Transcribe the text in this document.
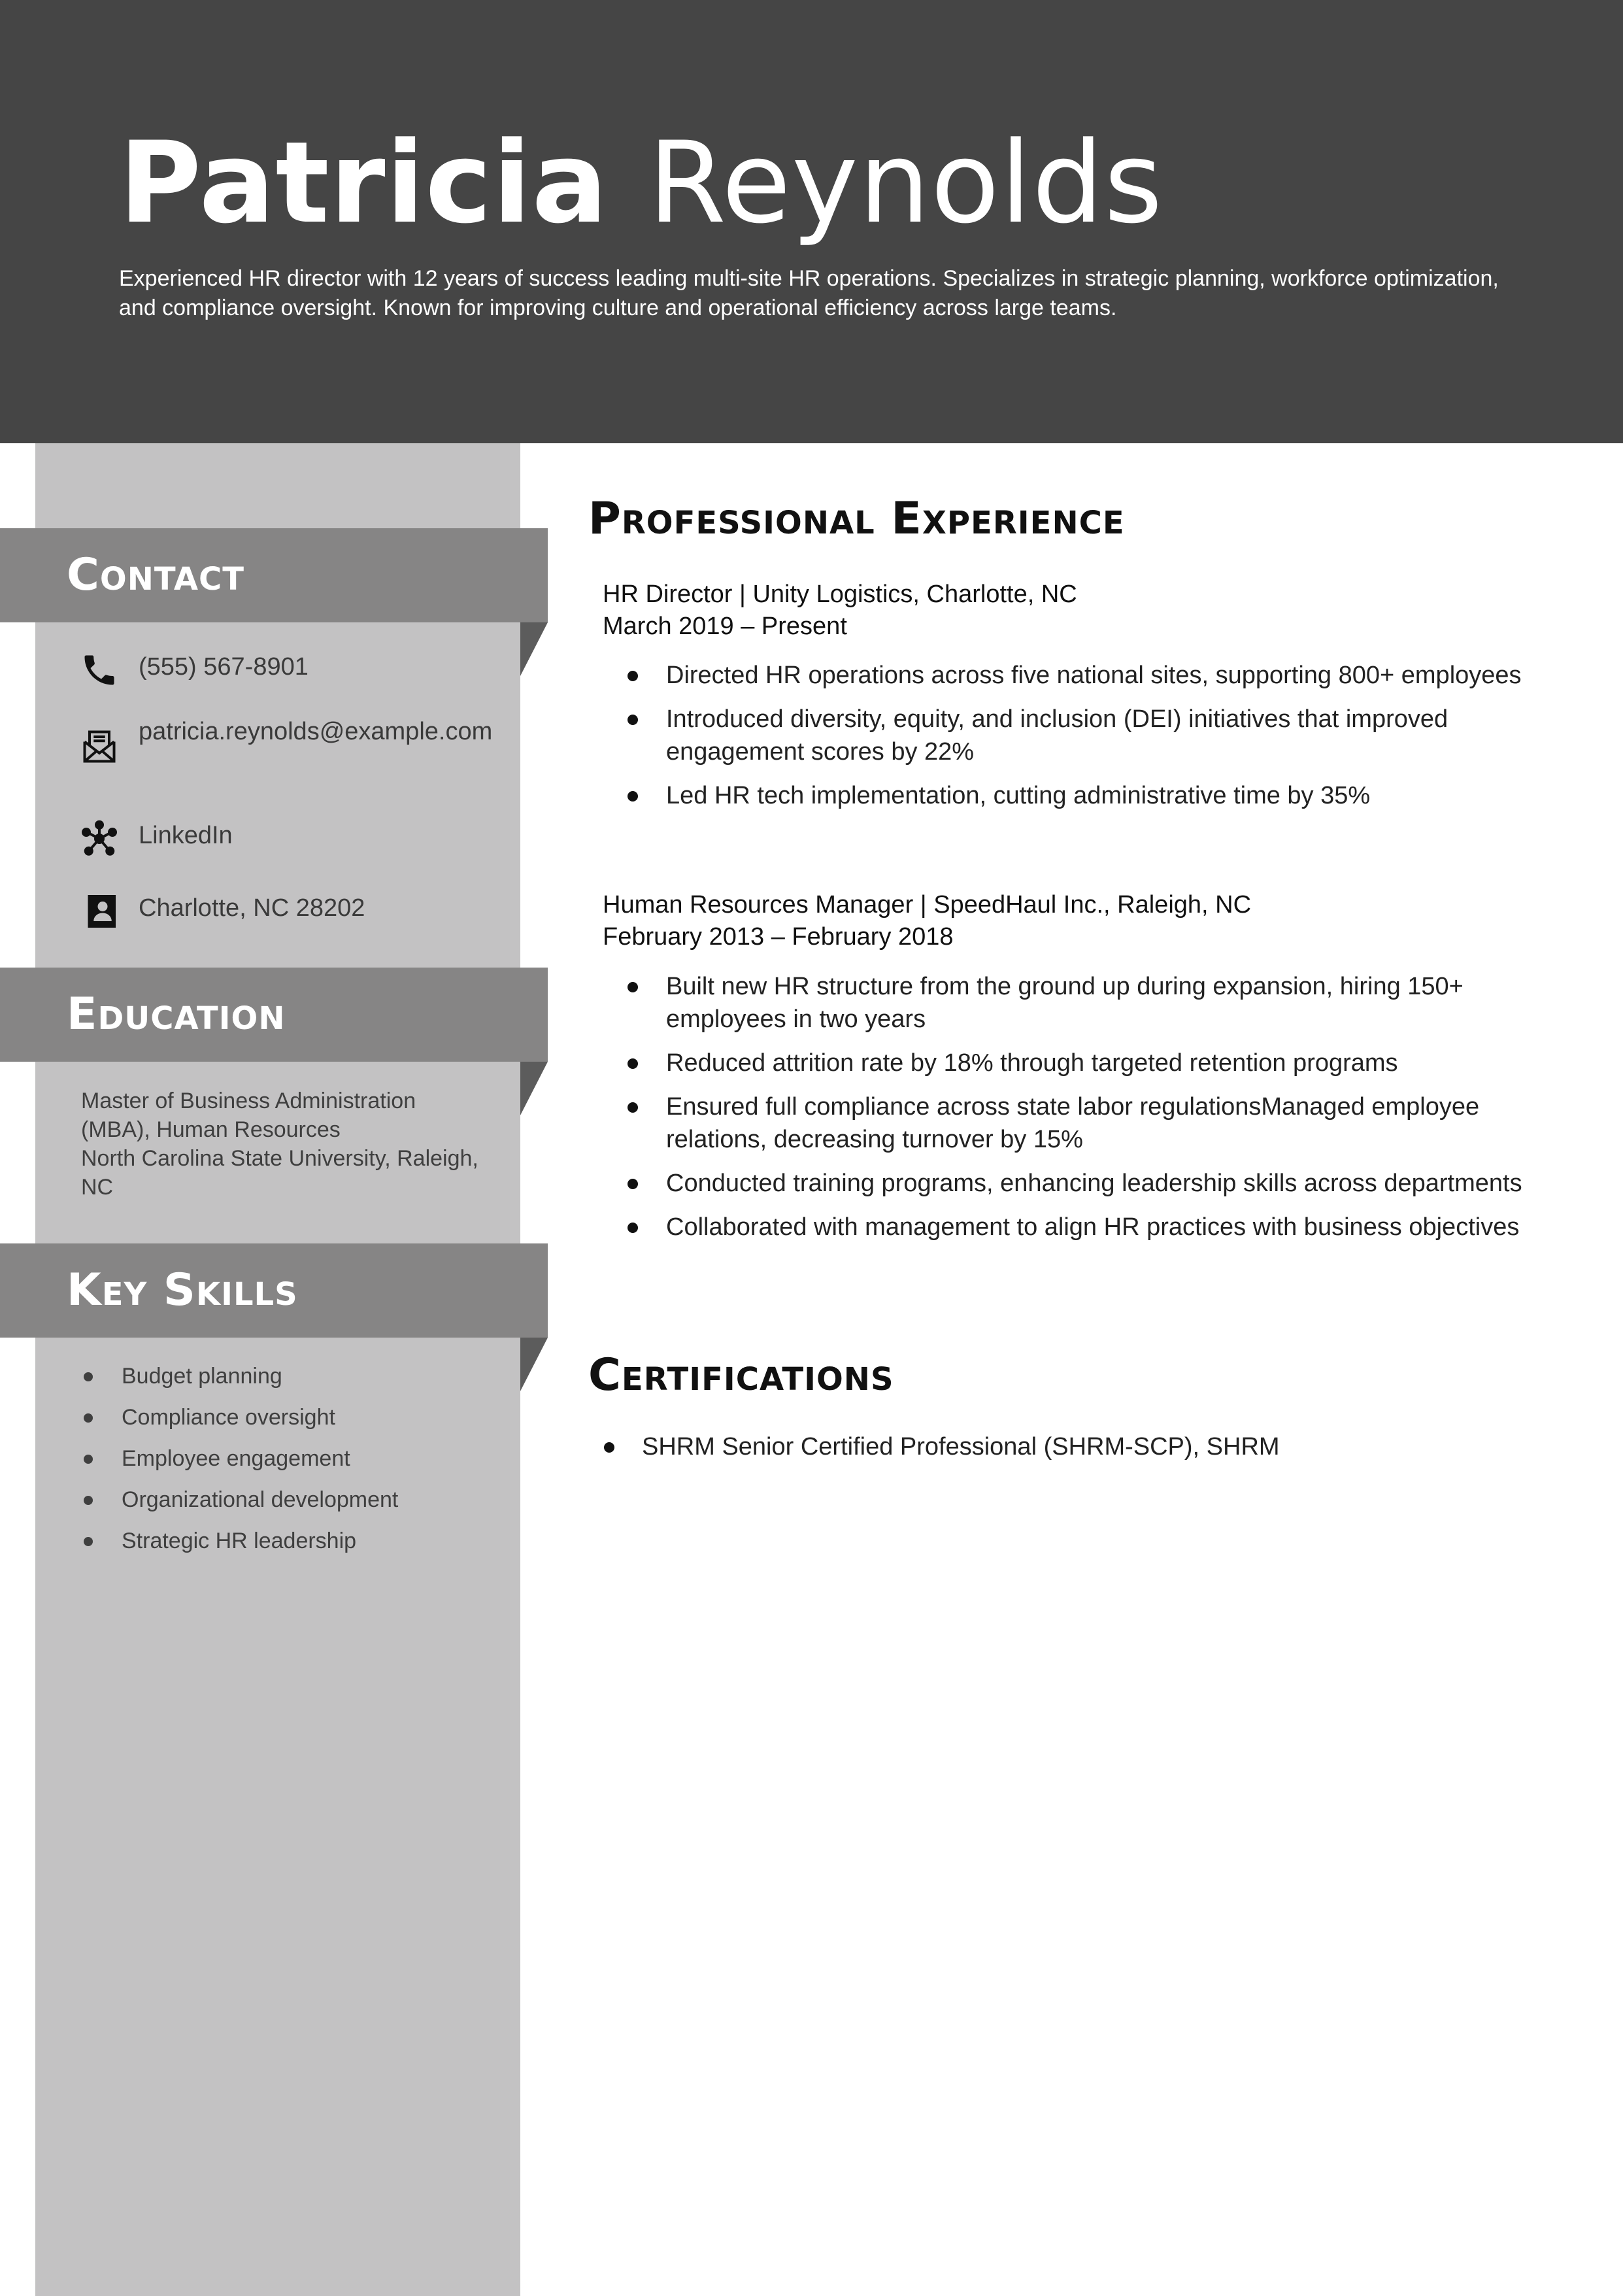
Patricia Reynolds

Experienced HR director with 12 years of success leading multi-site HR operations. Specializes in strategic planning, workforce optimization, and compliance oversight. Known for improving culture and operational efficiency across large teams.

Contact
(555) 567-8901
patricia.reynolds@example.com
LinkedIn
Charlotte, NC 28202
Education

Master of Business Administration (MBA), Human Resources
North Carolina State University, Raleigh, NC

Key Skills
Budget planning
Compliance oversight
Employee engagement
Organizational development
Strategic HR leadership
Professional Experience
HR Director | Unity Logistics, Charlotte, NC
March 2019 – Present
Directed HR operations across five national sites, supporting 800+ employees
Introduced diversity, equity, and inclusion (DEI) initiatives that improved engagement scores by 22%
Led HR tech implementation, cutting administrative time by 35%
Human Resources Manager | SpeedHaul Inc., Raleigh, NC
February 2013 – February 2018
Built new HR structure from the ground up during expansion, hiring 150+ employees in two years
Reduced attrition rate by 18% through targeted retention programs
Ensured full compliance across state labor regulationsManaged employee relations, decreasing turnover by 15%
Conducted training programs, enhancing leadership skills across departments
Collaborated with management to align HR practices with business objectives
Certifications
SHRM Senior Certified Professional (SHRM-SCP), SHRM
